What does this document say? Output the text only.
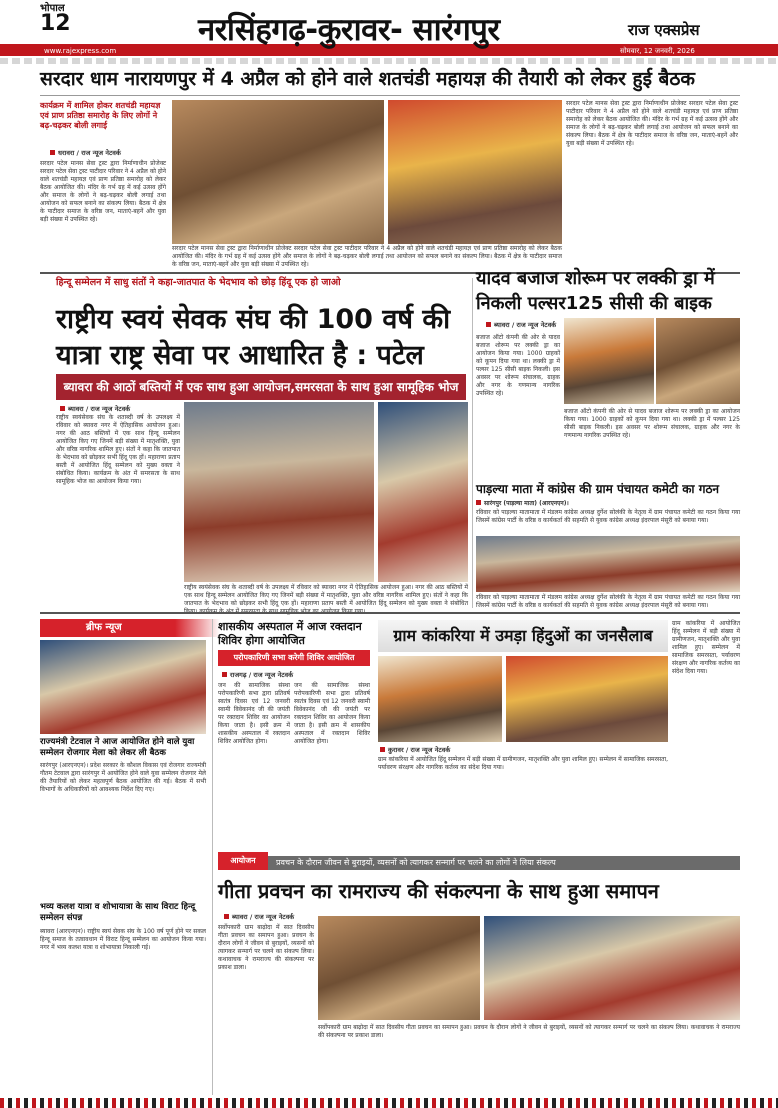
भोपाल
12
www.rajexpress.com
नरसिंहगढ़-कुरावर- सारंगपुर	राज एक्सप्रेस
सोमवार, 12 जनवरी, 2026
सरदार धाम नारायणपुर में 4 अप्रैल को होने वाले शतचंडी महायज्ञ की तैयारी को लेकर हुई बैठक
कार्यक्रम में शामिल होकर शतचंडी महायज्ञ एवं प्राण प्रतिष्ठा समारोह के लिए लोगों ने बढ़-चढ़कर बोली लगाई
धरावरा / राज न्यूज नेटवर्क
सरदार पटेल मानस सेवा ट्रस्ट द्वारा निर्माणाधीन प्रोजेक्ट सरदार पटेल सेवा ट्रस्ट पाटीदार परिवार ने 4 अप्रैल को होने वाले शतचंडी महायज्ञ एवं प्राण प्रतिष्ठा समारोह को लेकर बैठक आयोजित की। मंदिर के गर्भ ग्रह में कई उत्सव होंगे और समाज के लोगों ने बढ़-चढ़कर बोली लगाई तथा आयोजन को सफल बनाने का संकल्प लिया। बैठक में क्षेत्र के पाटीदार समाज के वरिष्ठ जन, माताएं-बहनें और युवा बड़ी संख्या में उपस्थित रहे।
सरदार पटेल मानस सेवा ट्रस्ट द्वारा निर्माणाधीन प्रोजेक्ट सरदार पटेल सेवा ट्रस्ट पाटीदार परिवार ने 4 अप्रैल को होने वाले शतचंडी महायज्ञ एवं प्राण प्रतिष्ठा समारोह को लेकर बैठक आयोजित की। मंदिर के गर्भ ग्रह में कई उत्सव होंगे और समाज के लोगों ने बढ़-चढ़कर बोली लगाई तथा आयोजन को सफल बनाने का संकल्प लिया। बैठक में क्षेत्र के पाटीदार समाज के वरिष्ठ जन, माताएं-बहनें और युवा बड़ी संख्या में उपस्थित रहे।
सरदार पटेल मानस सेवा ट्रस्ट द्वारा निर्माणाधीन प्रोजेक्ट सरदार पटेल सेवा ट्रस्ट पाटीदार परिवार ने 4 अप्रैल को होने वाले शतचंडी महायज्ञ एवं प्राण प्रतिष्ठा समारोह को लेकर बैठक आयोजित की। मंदिर के गर्भ ग्रह में कई उत्सव होंगे और समाज के लोगों ने बढ़-चढ़कर बोली लगाई तथा आयोजन को सफल बनाने का संकल्प लिया। बैठक में क्षेत्र के पाटीदार समाज के वरिष्ठ जन, माताएं-बहनें और युवा बड़ी संख्या में उपस्थित रहे।
हिन्दू सम्मेलन में साधु संतों ने कहा-जातपात के भेदभाव को छोड़ हिंदू एक हो जाओ
राष्ट्रीय स्वयं सेवक संघ की 100 वर्ष की यात्रा राष्ट्र सेवा पर आधारित है : पटेल
ब्यावरा की आठों बस्तियों में एक साथ हुआ आयोजन,समरसता के साथ हुआ सामूहिक भोज
ब्यावरा / राज न्यूज नेटवर्क
राष्ट्रीय स्वयंसेवक संघ के शताब्दी वर्ष के उपलक्ष्य में रविवार को ब्यावरा नगर में ऐतिहासिक आयोजन हुआ। नगर की आठ बस्तियों में एक साथ हिन्दू सम्मेलन आयोजित किए गए जिनमें बड़ी संख्या में मातृशक्ति, युवा और वरिष्ठ नागरिक शामिल हुए। संतों ने कहा कि जातपात के भेदभाव को छोड़कर सभी हिंदू एक हों। महाराणा प्रताप बस्ती में आयोजित हिंदू सम्मेलन को मुख्य वक्ता ने संबोधित किया। कार्यक्रम के अंत में समरसता के साथ सामूहिक भोज का आयोजन किया गया।
राष्ट्रीय स्वयंसेवक संघ के शताब्दी वर्ष के उपलक्ष्य में रविवार को ब्यावरा नगर में ऐतिहासिक आयोजन हुआ। नगर की आठ बस्तियों में एक साथ हिन्दू सम्मेलन आयोजित किए गए जिनमें बड़ी संख्या में मातृशक्ति, युवा और वरिष्ठ नागरिक शामिल हुए। संतों ने कहा कि जातपात के भेदभाव को छोड़कर सभी हिंदू एक हों। महाराणा प्रताप बस्ती में आयोजित हिंदू सम्मेलन को मुख्य वक्ता ने संबोधित
यादव बजाज शोरूम पर लक्की ड्रा में निकली पल्सर125 सीसी की बाइक
ब्यावरा / राज न्यूज नेटवर्क
बजाज ऑटो कंपनी की ओर से यादव बजाज शोरूम पर लक्की ड्रा का आयोजन किया गया। 1000 ग्राहकों को कूपन दिया गया था। लक्की ड्रा में पल्सर 125 सीसी बाइक निकली। इस अवसर पर शोरूम संचालक, ग्राहक और नगर के गणमान्य नागरिक उपस्थित रहे।
बजाज ऑटो कंपनी की ओर से यादव बजाज शोरूम पर लक्की ड्रा का आयोजन किया गया। 1000 ग्राहकों को कूपन दिया गया था। लक्की ड्रा में पल्सर 125 सीसी बाइक निकली। इस अवसर पर शोरूम संचालक, ग्राहक और नगर के गणमान्य नागरिक उपस्थित रहे।
पाड़ल्या माता में कांग्रेस की ग्राम पंचायत कमेटी का गठन
सारंगपुर (पाड़ल्या माता) (आरएनएन)।
रविवार को पाड़ल्या मातामाता में मंडलम कांग्रेस अध्यक्ष दुर्गेश सोलंकी के नेतृत्व में ग्राम पंचायत कमेटी का गठन किया गया जिसमें कांग्रेस पार्टी के वरिष्ठ व कार्यकर्ता की सहमति से युवक कांग्रेस अध्यक्ष इंदरपाल मंसूरी को बनाया गया।
रविवार को पाड़ल्या मातामाता में मंडलम कांग्रेस अध्यक्ष दुर्गेश सोलंकी के नेतृत्व में ग्राम पंचायत कमेटी का गठन किया गया जिसमें कांग्रेस पार्टी के वरिष्ठ व कार्यकर्ता की सहमति से युवक कांग्रेस अध्यक्ष इंदरपाल मंसूरी को बनाया गया।
ब्रीफ न्यूज
राज्यमंत्री टेटवाल ने आज आयोजित होने वाले युवा सम्मेलन रोजगार मेला को लेकर ली बैठक
सारंगपुर (आरएनएन)। प्रदेश सरकार के कौशल विकास एवं रोजगार राज्यमंत्री गौतम टेटवाल द्वारा सारंगपुर में आयोजित होने वाले युवा सम्मेलन रोजगार मेले की तैयारियों को लेकर महत्वपूर्ण बैठक आयोजित की गई। बैठक में सभी विभागों के अधिकारियों को आवश्यक निर्देश दिए गए।
भव्य कलश यात्रा व शोभायात्रा के साथ विराट हिन्दू सम्मेलन संपन्न
ब्यावरा (आरएनएन)। राष्ट्रीय स्वयं सेवक संघ के 100 वर्ष पूर्ण होने पर सकल हिन्दू समाज के तत्वावधान में विराट हिन्दू सम्मेलन का आयोजन किया गया। नगर में भव्य कलश यात्रा व शोभायात्रा निकाली गई।
शासकीय अस्पताल में आज रक्तदान शिविर होगा आयोजित
परोपकारिणी सभा करेगी शिविर आयोजित
राजगढ़ / राज न्यूज नेटवर्क
जन की सामाजिक संस्था परोपकारिणी सभा द्वारा प्रतिवर्ष स्वतंत्र दिवस एवं 12 जनवरी स्वामी विवेकानंद जी की जयंती पर रक्तदान शिविर का आयोजन किया जाता है। इसी क्रम में शासकीय अस्पताल में रक्तदान शिविर आयोजित होगा।
जन की सामाजिक संस्था परोपकारिणी सभा द्वारा प्रतिवर्ष स्वतंत्र दिवस एवं 12 जनवरी स्वामी विवेकानंद जी की जयंती पर रक्तदान शिविर का आयोजन किया जाता है। इसी क्रम में शासकीय अस्पताल में रक्तदान शिविर आयोजित होगा।
ग्राम कांकरिया में उमड़ा हिंदुओं का जनसैलाब
कुरावर / राज न्यूज नेटवर्क
ग्राम कांकरिया में आयोजित हिंदू सम्मेलन में बड़ी संख्या में ग्रामीणजन, मातृशक्ति और युवा शामिल हुए। सम्मेलन में सामाजिक समरसता, पर्यावरण संरक्षण और नागरिक कर्तव्य का संदेश दिया गया।
ग्राम कांकरिया में आयोजित हिंदू सम्मेलन में बड़ी संख्या में ग्रामीणजन, मातृशक्ति और युवा शामिल हुए। सम्मेलन में सामाजिक समरसता, पर्यावरण संरक्षण और नागरिक कर्तव्य का संदेश दिया गया।
प्रवचन के दौरान जीवन से बुराइयों, व्यसनों को त्यागकर सन्मार्ग पर चलने का लोगों ने लिया संकल्प
आयोजन
गीता प्रवचन का रामराज्य की संकल्पना के साथ हुआ समापन
ब्यावरा / राज न्यूज नेटवर्क
सर्वोपकारी ग्राम बाढ़ोदा में सात दिवसीय गीता प्रवचन का समापन हुआ। प्रवचन के दौरान लोगों ने जीवन से बुराइयों, व्यसनों को त्यागकर सन्मार्ग पर चलने का संकल्प लिया। कथावाचक ने रामराज्य की संकल्पना पर प्रकाश डाला।
सर्वोपकारी ग्राम बाढ़ोदा में सात दिवसीय गीता प्रवचन का समापन हुआ। प्रवचन के दौरान लोगों ने जीवन से बुराइयों, व्यसनों को त्यागकर सन्मार्ग पर चलने का संकल्प लिया। कथावाचक ने रामराज्य की संकल्पना पर प्रकाश डाला।
